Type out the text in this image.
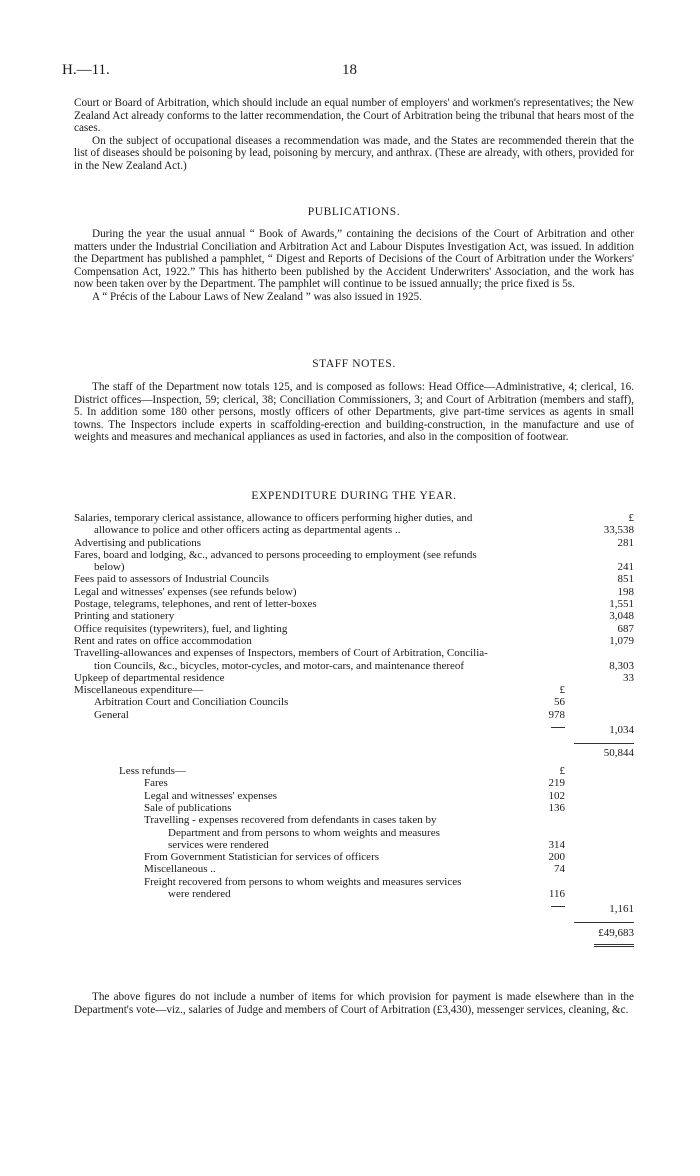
H.—11.	18

Court or Board of Arbitration, which should include an equal number of employers' and workmen's representatives; the New Zealand Act already conforms to the latter recommendation, the Court of Arbitration being the tribunal that hears most of the cases.

On the subject of occupational diseases a recommendation was made, and the States are recommended therein that the list of diseases should be poisoning by lead, poisoning by mercury, and anthrax. (These are already, with others, provided for in the New Zealand Act.)

PUBLICATIONS.

During the year the usual annual “ Book of Awards,” containing the decisions of the Court of Arbitration and other matters under the Industrial Conciliation and Arbitration Act and Labour Disputes Investigation Act, was issued. In addition the Department has published a pamphlet, “ Digest and Reports of Decisions of the Court of Arbitration under the Workers' Compensation Act, 1922.” This has hitherto been published by the Accident Underwriters' Association, and the work has now been taken over by the Department. The pamphlet will continue to be issued annually; the price fixed is 5s.

A “ Précis of the Labour Laws of New Zealand ” was also issued in 1925.

STAFF NOTES.

The staff of the Department now totals 125, and is composed as follows: Head Office—Administrative, 4; clerical, 16. District offices—Inspection, 59; clerical, 38; Conciliation Commissioners, 3; and Court of Arbitration (members and staff), 5. In addition some 180 other persons, mostly officers of other Departments, give part-time services as agents in small towns. The Inspectors include experts in scaffolding-erection and building-construction, in the manufacture and use of weights and measures and mechanical appliances as used in factories, and also in the composition of footwear.

EXPENDITURE DURING THE YEAR.
Salaries, temporary clerical assistance, allowance to officers performing higher duties, and	£
allowance to police and other officers acting as departmental agents ..	33,538
Advertising and publications	281
Fares, board and lodging, &c., advanced to persons proceeding to employment (see refunds
below)	241
Fees paid to assessors of Industrial Councils	851
Legal and witnesses' expenses (see refunds below)	198
Postage, telegrams, telephones, and rent of letter-boxes	1,551
Printing and stationery	3,048
Office requisites (typewriters), fuel, and lighting	687
Rent and rates on office accommodation	1,079
Travelling-allowances and expenses of Inspectors, members of Court of Arbitration, Concilia-
tion Councils, &c., bicycles, motor-cycles, and motor-cars, and maintenance thereof	8,303
Upkeep of departmental residence	33
Miscellaneous expenditure—	£
Arbitration Court and Conciliation Councils	56
General	978
1,034
50,844
Less refunds—	£
Fares	219
Legal and witnesses' expenses	102
Sale of publications	136
Travelling - expenses recovered from defendants in cases taken by
Department and from persons to whom weights and measures
services were rendered	314
From Government Statistician for services of officers	200
Miscellaneous ..	74
Freight recovered from persons to whom weights and measures services
were rendered	116
1,161
£49,683
The above figures do not include a number of items for which provision for payment is made elsewhere than in the Department's vote—viz., salaries of Judge and members of Court of Arbitration (£3,430), messenger services, cleaning, &c.
